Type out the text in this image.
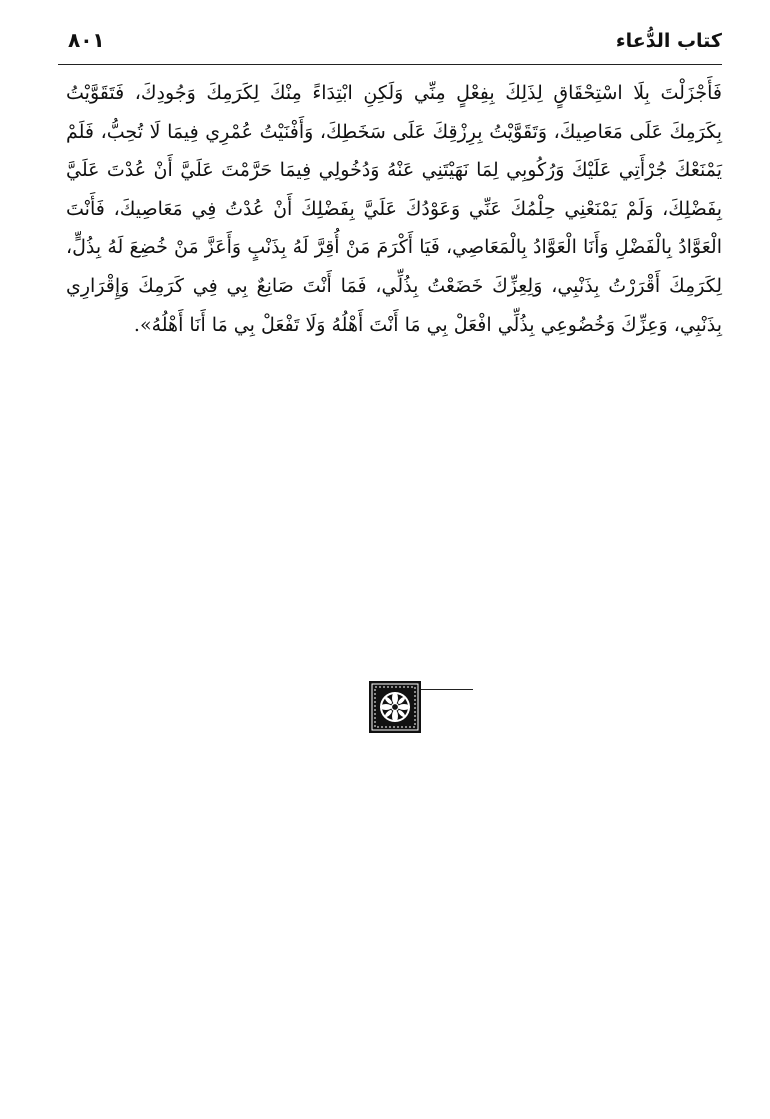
كتاب الدُّعاء
٨٠١

فَأَجْزَلْتَ بِلَا اسْتِحْقَاقٍ لِذَلِكَ بِفِعْلٍ مِنِّي وَلَكِنِ ابْتِدَاءً مِنْكَ لِكَرَمِكَ وَجُودِكَ، فَتَقَوَّيْتُ بِكَرَمِكَ عَلَى مَعَاصِيكَ، وَتَقَوَّيْتُ بِرِزْقِكَ عَلَى سَخَطِكَ، وَأَفْنَيْتُ عُمْرِي فِيمَا لَا تُحِبُّ، فَلَمْ يَمْنَعْكَ جُرْأَتِي عَلَيْكَ وَرُكُوبِي لِمَا نَهَيْتَنِي عَنْهُ وَدُخُولِي فِيمَا حَرَّمْتَ عَلَيَّ أَنْ عُدْتَ عَلَيَّ بِفَضْلِكَ، وَلَمْ يَمْنَعْنِي حِلْمُكَ عَنِّي وَعَوْدُكَ عَلَيَّ بِفَضْلِكَ أَنْ عُدْتُ فِي مَعَاصِيكَ، فَأَنْتَ الْعَوَّادُ بِالْفَضْلِ وَأَنَا الْعَوَّادُ بِالْمَعَاصِي، فَيَا أَكْرَمَ مَنْ أُقِرَّ لَهُ بِذَنْبٍ وَأَعَزَّ مَنْ خُضِعَ لَهُ بِذُلٍّ، لِكَرَمِكَ أَقْرَرْتُ بِذَنْبِي، وَلِعِزِّكَ خَضَعْتُ بِذُلِّي، فَمَا أَنْتَ صَانِعٌ بِي فِي كَرَمِكَ وَإِقْرَارِي بِذَنْبِي، وَعِزِّكَ وَخُضُوعِي بِذُلِّي افْعَلْ بِي مَا أَنْتَ أَهْلُهُ وَلَا تَفْعَلْ بِي مَا أَنَا أَهْلُهُ».
